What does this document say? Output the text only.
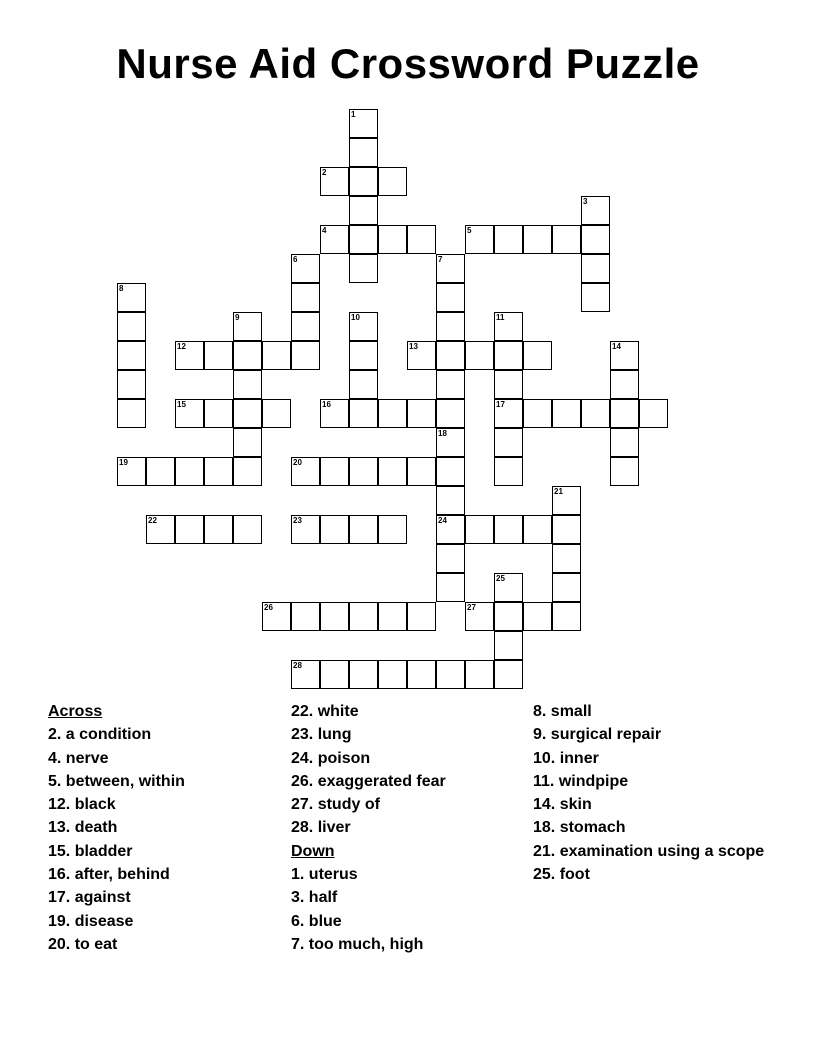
Nurse Aid Crossword Puzzle
1
2
3
4	5
6	7
8
9	10	11
17
12	13	14
15	16
18
24
19	20
21
22	23
25
26	27
28
Across
2. a condition
4. nerve
5. between, within
12. black
13. death
15. bladder
16. after, behind
17. against
19. disease
20. to eat
22. white
23. lung
24. poison
26. exaggerated fear
27. study of
28. liver
Down
1. uterus
3. half
6. blue
7. too much, high
8. small
9. surgical repair
10. inner
11. windpipe
14. skin
18. stomach
21. examination using a scope
25. foot
